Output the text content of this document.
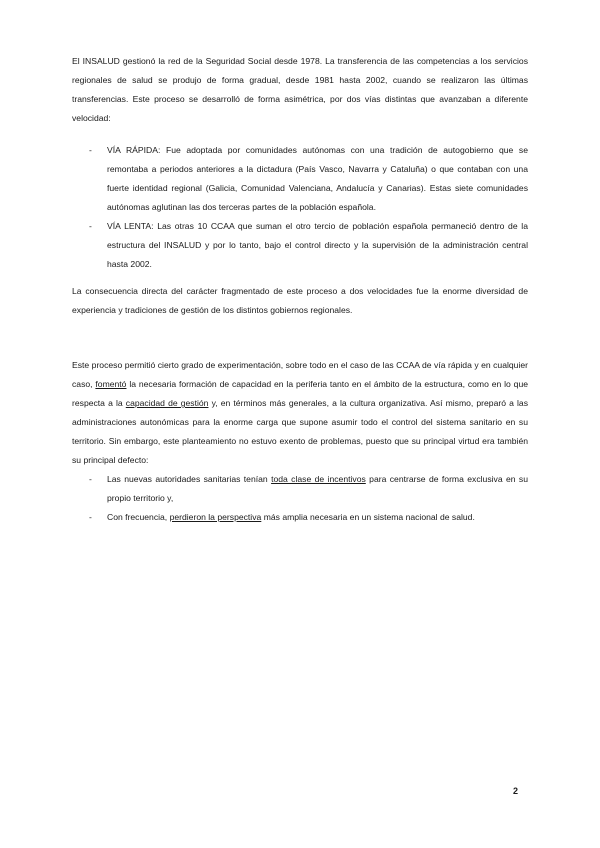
El INSALUD gestionó la red de la Seguridad Social desde 1978. La transferencia de las competencias a los servicios regionales de salud se produjo de forma gradual, desde 1981 hasta 2002, cuando se realizaron las últimas transferencias. Este proceso se desarrolló de forma asimétrica, por dos vías distintas que avanzaban a diferente velocidad:

- VÍA RÁPIDA: Fue adoptada por comunidades autónomas con una tradición de autogobierno que se remontaba a periodos anteriores a la dictadura (País Vasco, Navarra y Cataluña) o que contaban con una fuerte identidad regional (Galicia, Comunidad Valenciana, Andalucía y Canarias). Estas siete comunidades autónomas aglutinan las dos terceras partes de la población española.
- VÍA LENTA: Las otras 10 CCAA que suman el otro tercio de población española permaneció dentro de la estructura del INSALUD y por lo tanto, bajo el control directo y la supervisión de la administración central hasta 2002.

La consecuencia directa del carácter fragmentado de este proceso a dos velocidades fue la enorme diversidad de experiencia y tradiciones de gestión de los distintos gobiernos regionales.

Este proceso permitió cierto grado de experimentación, sobre todo en el caso de las CCAA de vía rápida y en cualquier caso, fomentó la necesaria formación de capacidad en la periferia tanto en el ámbito de la estructura, como en lo que respecta a la capacidad de gestión y, en términos más generales, a la cultura organizativa. Así mismo, preparó a las administraciones autonómicas para la enorme carga que supone asumir todo el control del sistema sanitario en su territorio. Sin embargo, este planteamiento no estuvo exento de problemas, puesto que su principal virtud era también su principal defecto:

- Las nuevas autoridades sanitarias tenían toda clase de incentivos para centrarse de forma exclusiva en su propio territorio y,
- Con frecuencia, perdieron la perspectiva más amplia necesaria en un sistema nacional de salud.
2
